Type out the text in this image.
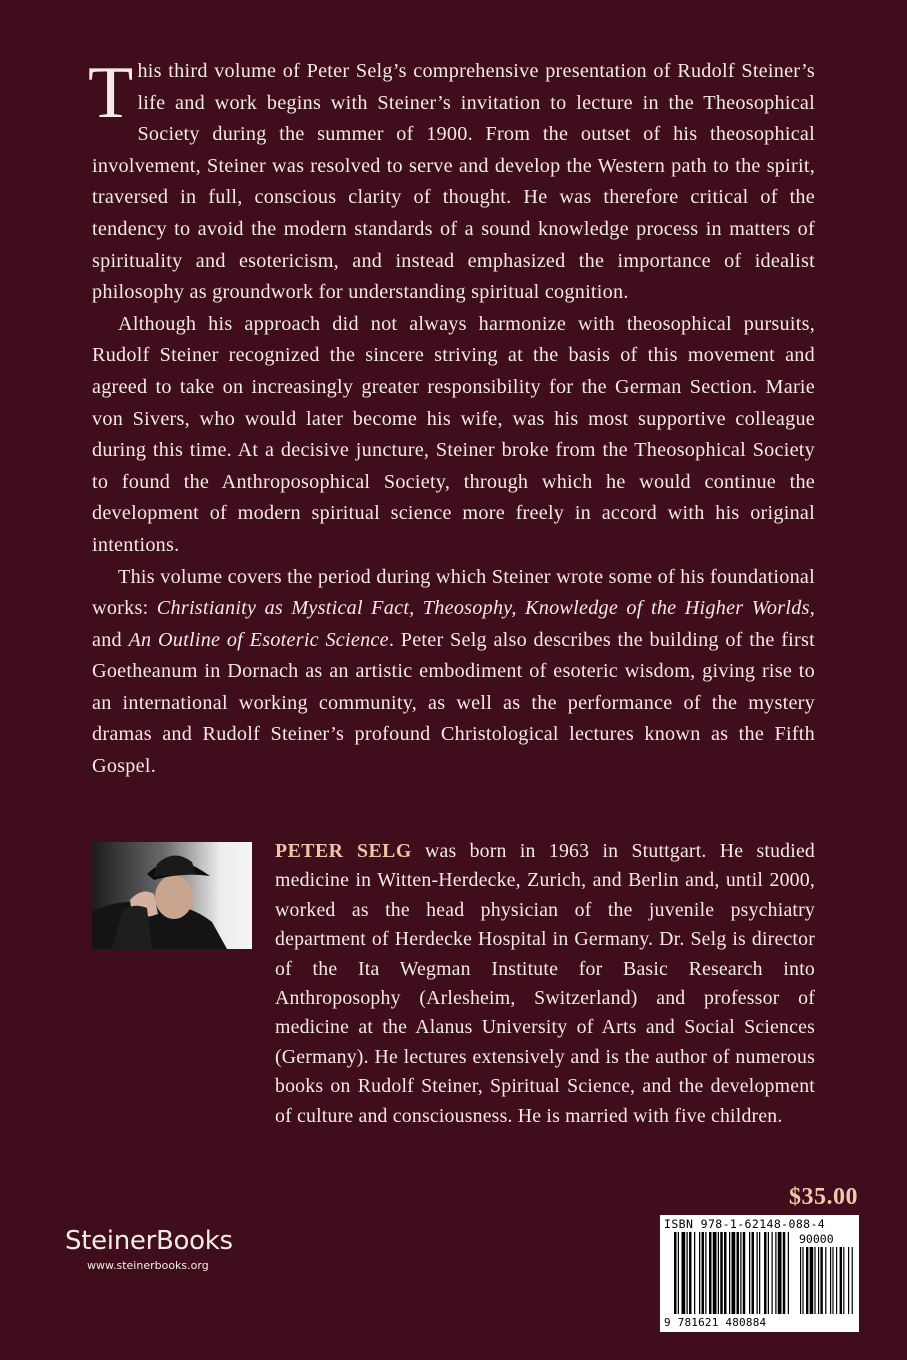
This third volume of Peter Selg’s comprehensive presentation of Rudolf Steiner’s life and work begins with Steiner’s invitation to lecture in the Theosophical Society during the summer of 1900. From the outset of his theosophical involvement, Steiner was resolved to serve and develop the Western path to the spirit, traversed in full, conscious clarity of thought. He was therefore critical of the tendency to avoid the modern standards of a sound knowledge process in matters of spirituality and esotericism, and instead emphasized the importance of idealist philosophy as groundwork for understanding spiritual cognition.

Although his approach did not always harmonize with theosophical pursuits, Rudolf Steiner recognized the sincere striving at the basis of this movement and agreed to take on increasingly greater responsibility for the German Section. Marie von Sivers, who would later become his wife, was his most supportive colleague during this time. At a decisive juncture, Steiner broke from the Theosophical Society to found the Anthroposophical Society, through which he would continue the development of modern spiritual science more freely in accord with his original intentions.

This volume covers the period during which Steiner wrote some of his foundational works: Christianity as Mystical Fact, Theosophy, Knowledge of the Higher Worlds, and An Outline of Esoteric Science. Peter Selg also describes the building of the first Goetheanum in Dornach as an artistic embodiment of esoteric wisdom, giving rise to an international working community, as well as the performance of the mystery dramas and Rudolf Steiner’s profound Christological lectures known as the Fifth Gospel.

PETER SELG was born in 1963 in Stuttgart. He studied medicine in Witten-Herdecke, Zurich, and Berlin and, until 2000, worked as the head physician of the juvenile psychiatry department of Herdecke Hospital in Germany. Dr. Selg is director of the Ita Wegman Institute for Basic Research into Anthroposophy (Arlesheim, Switzerland) and professor of medicine at the Alanus University of Arts and Social Sciences (Germany). He lectures extensively and is the author of numerous books on Rudolf Steiner, Spiritual Science, and the development of culture and consciousness. He is married with five children.
$35.00
SteinerBooks
www.steinerbooks.org
ISBN 978-1-62148-088-4
90000
9 781621 480884
